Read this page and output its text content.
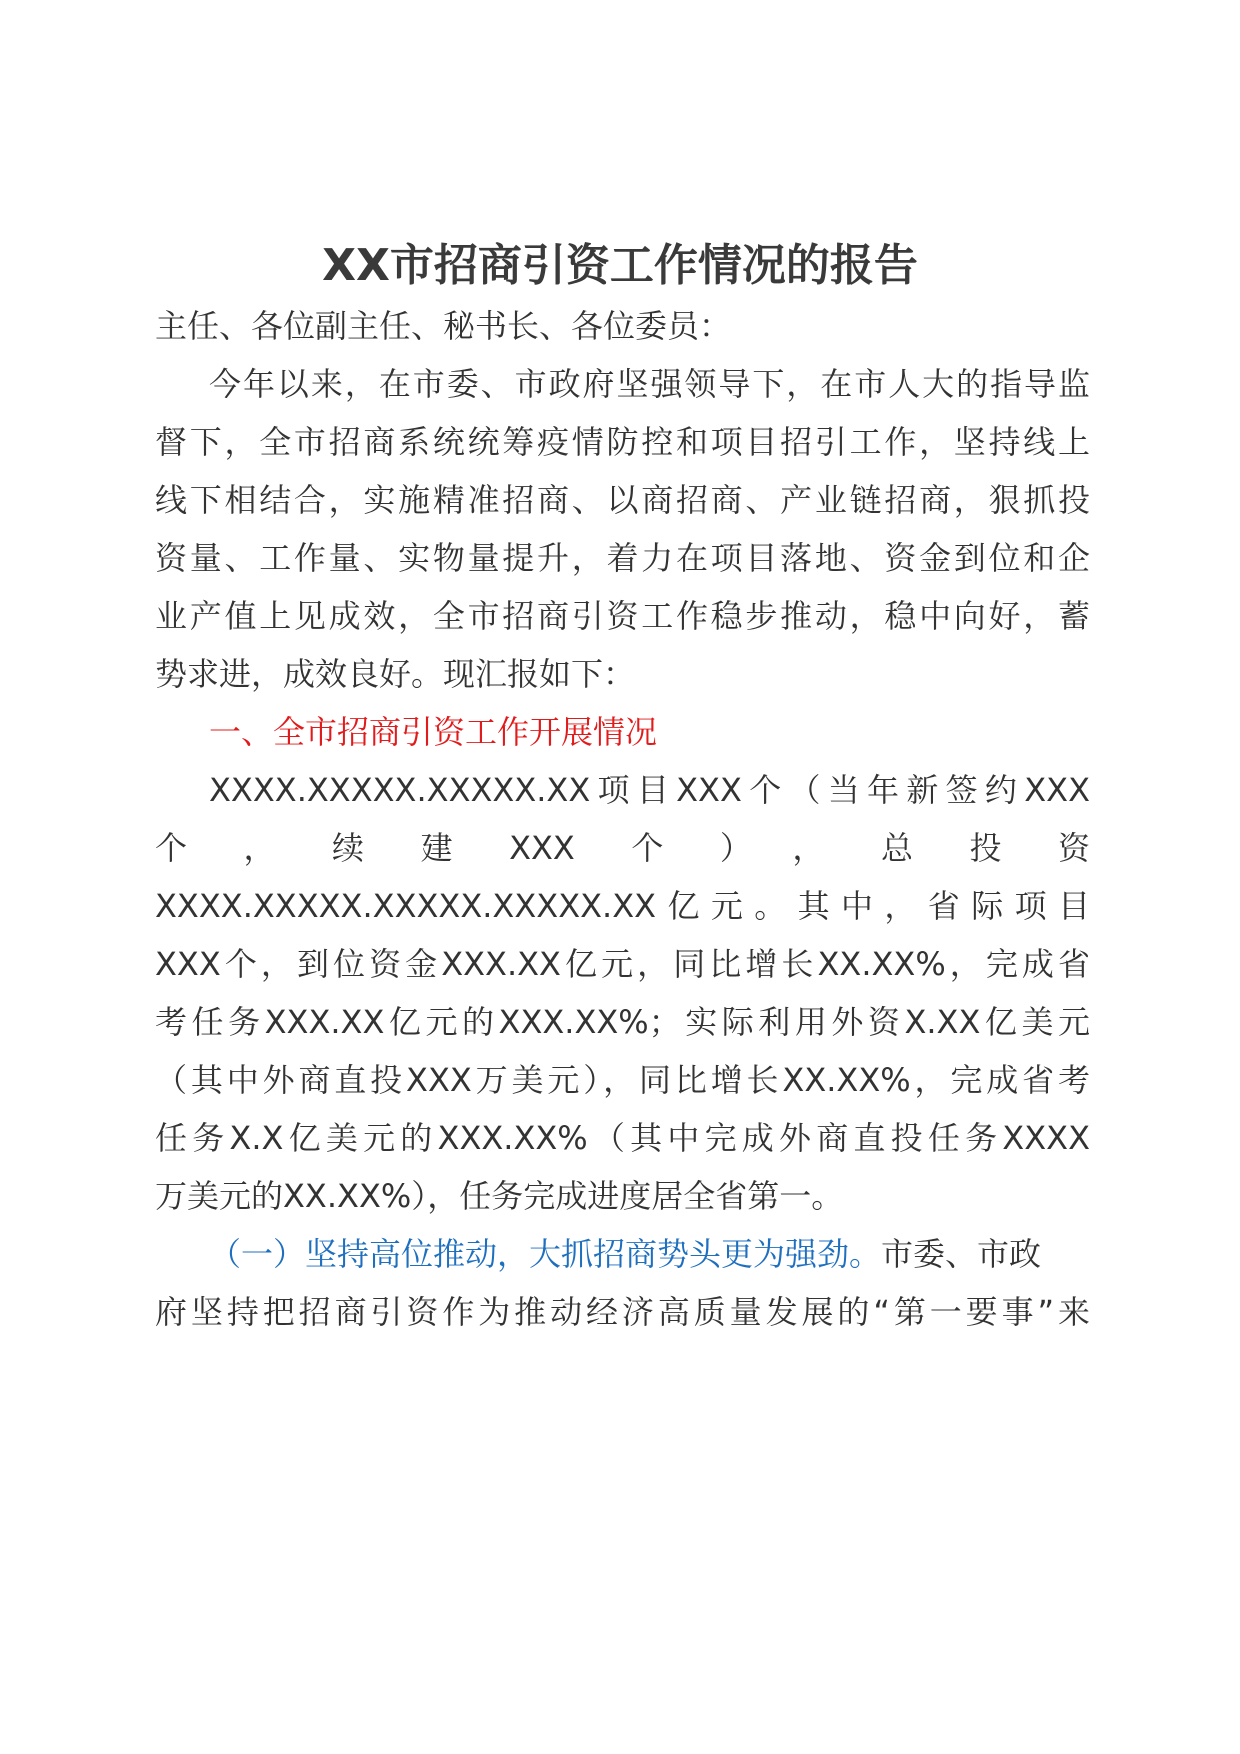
XX市招商引资工作情况的报告
主任、各位副主任、秘书长、各位委员：
今年以来，在市委、市政府坚强领导下，在市人大的指导监
督下，全市招商系统统筹疫情防控和项目招引工作，坚持线上
线下相结合，实施精准招商、以商招商、产业链招商，狠抓投
资量、工作量、实物量提升，着力在项目落地、资金到位和企
业产值上见成效，全市招商引资工作稳步推动，稳中向好，蓄
势求进，成效良好。现汇报如下：
一、全市招商引资工作开展情况
XXXX.XXXXX.XXXXX.XX项目XXX个（当年新签约XXX
个，续建XXX个），总投资
XXXX.XXXXX.XXXXX.XXXXX.XX亿元。其中，省际项目
XXX个，到位资金XXX.XX亿元，同比增长XX.XX%，完成省
考任务XXX.XX亿元的XXX.XX%；实际利用外资X.XX亿美元
（其中外商直投XXX万美元），同比增长XX.XX%，完成省考
任务X.X亿美元的XXX.XX%（其中完成外商直投任务XXXX
万美元的XX.XX%），任务完成进度居全省第一。
（一）坚持高位推动，大抓招商势头更为强劲。市委、市政
府坚持把招商引资作为推动经济高质量发展的“第一要事”来
